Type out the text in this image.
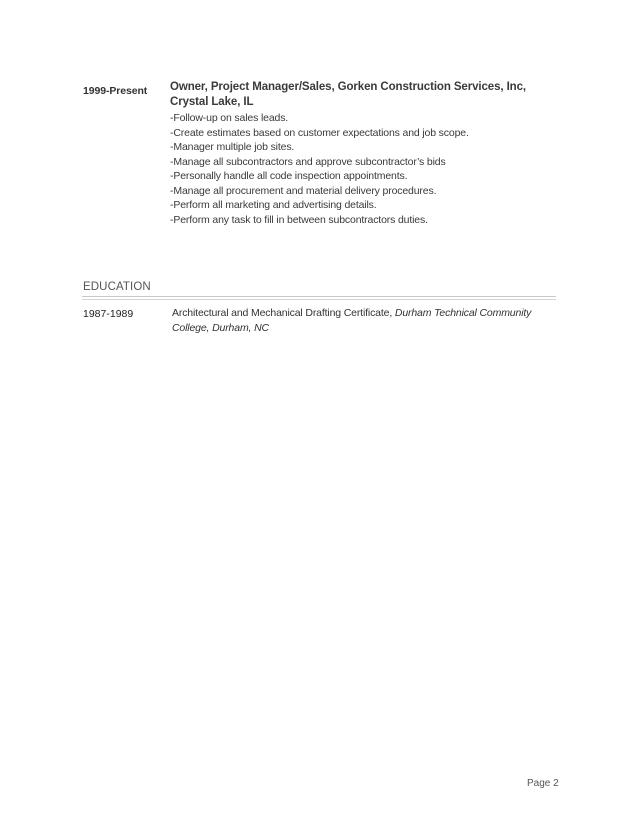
1999-Present Owner, Project Manager/Sales, Gorken Construction Services, Inc, Crystal Lake, IL
-Follow-up on sales leads.
-Create estimates based on customer expectations and job scope.
-Manager multiple job sites.
-Manage all subcontractors and approve subcontractor’s bids
-Personally handle all code inspection appointments.
-Manage all procurement and material delivery procedures.
-Perform all marketing and advertising details.
-Perform any task to fill in between subcontractors duties.
EDUCATION
1987-1989	Architectural and Mechanical Drafting Certificate, Durham Technical Community College, Durham, NC
Page 2
